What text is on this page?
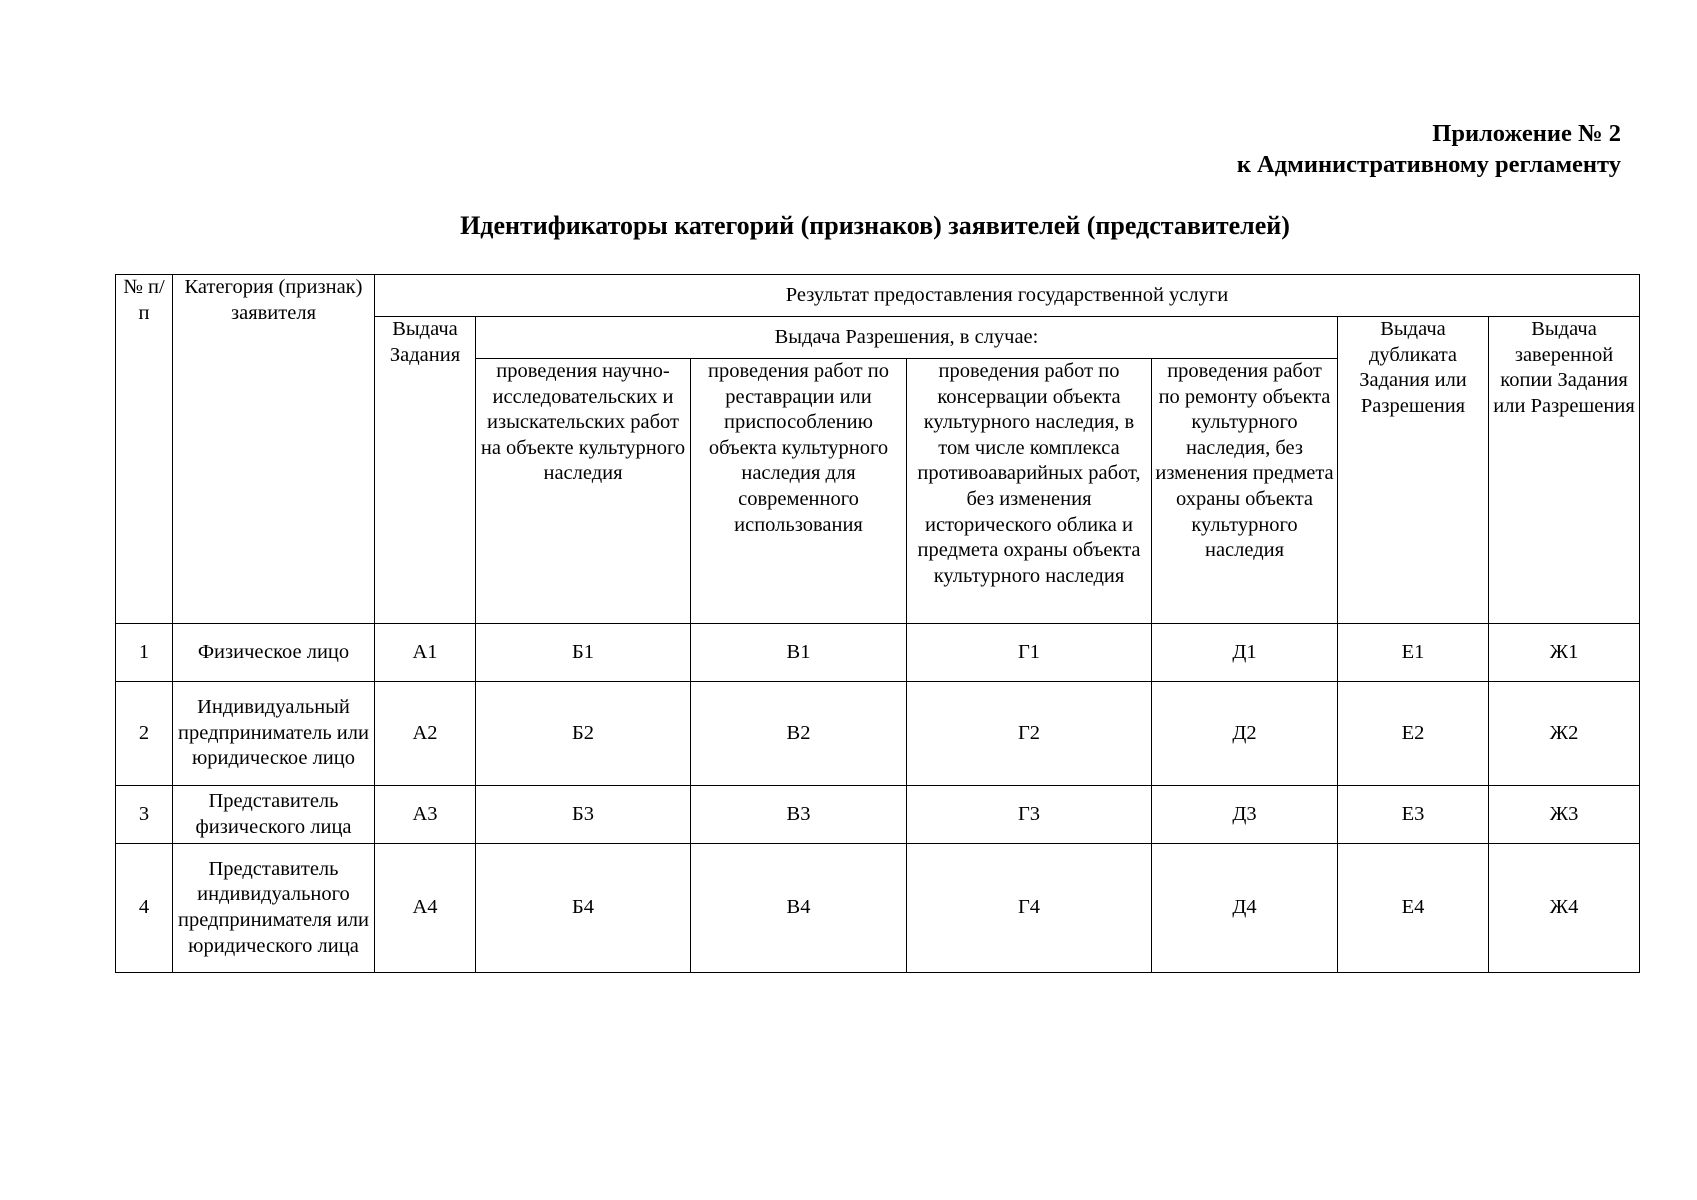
Приложение № 2
к Административному регламенту
Идентификаторы категорий (признаков) заявителей (представителей)
№ п/п	Категория (признак) заявителя	Результат предоставления государственной услуги						
		Выдача Задания	Выдача Разрешения, в случае:				Выдача дубликата Задания или Разрешения	Выдача заверенной копии Задания или Разрешения
			проведения научно-исследовательских и изыскательских работ на объекте культурного наследия	проведения работ по реставрации или приспособлению объекта культурного наследия для современного использования	проведения работ по консервации объекта культурного наследия, в том числе комплекса противоаварийных работ, без изменения исторического облика и предмета охраны объекта культурного наследия	проведения работ по ремонту объекта культурного наследия, без изменения предмета охраны объекта культурного наследия		
1	Физическое лицо	А1	Б1	В1	Г1	Д1	Е1	Ж1
2	Индивидуальный предприниматель или юридическое лицо	А2	Б2	В2	Г2	Д2	Е2	Ж2
3	Представитель физического лица	А3	Б3	В3	Г3	Д3	Е3	Ж3
4	Представитель индивидуального предпринимателя или юридического лица	А4	Б4	В4	Г4	Д4	Е4	Ж4
